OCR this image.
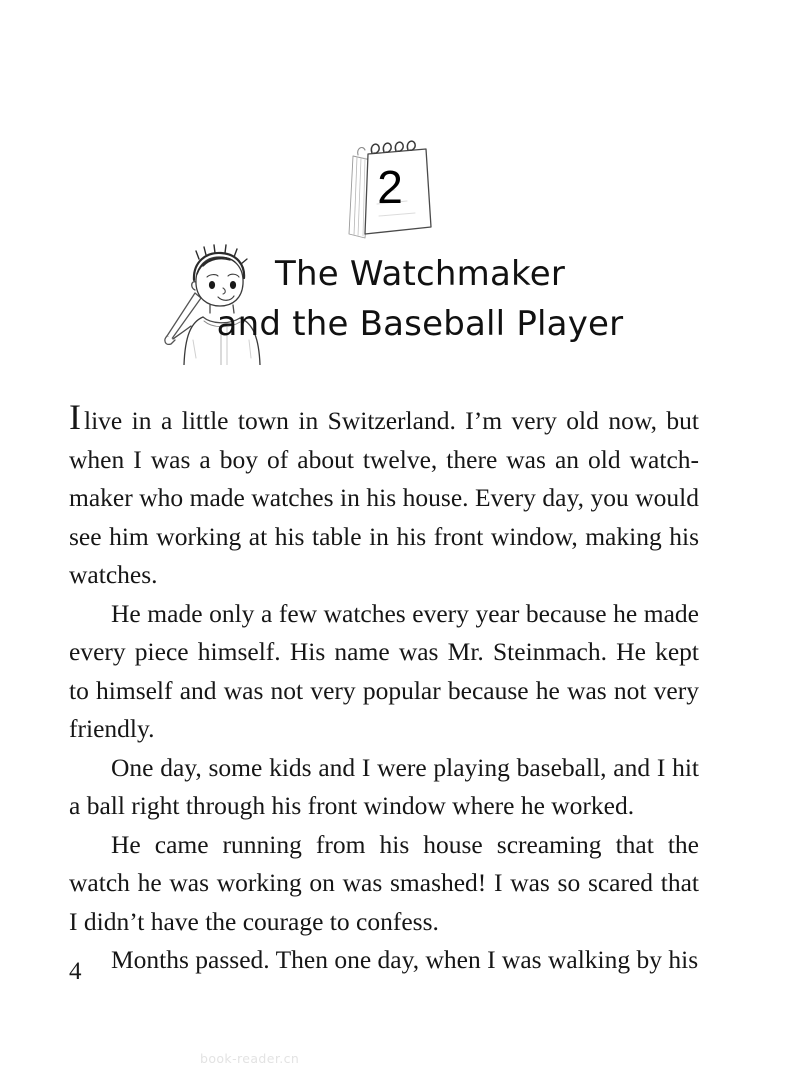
2
The Watchmaker
and the Baseball Player

I live in a little town in Switzerland. I’m very old now, but when I was a boy of about twelve, there was an old watch-maker who made watches in his house. Every day, you would see him working at his table in his front window, making his watches.

He made only a few watches every year because he made every piece himself. His name was Mr. Steinmach. He kept to himself and was not very popular because he was not very friendly.

One day, some kids and I were playing baseball, and I hit a ball right through his front window where he worked.

He came running from his house screaming that the watch he was working on was smashed! I was so scared that I didn’t have the courage to confess.

Months passed. Then one day, when I was walking by his

4
book-reader.cn
